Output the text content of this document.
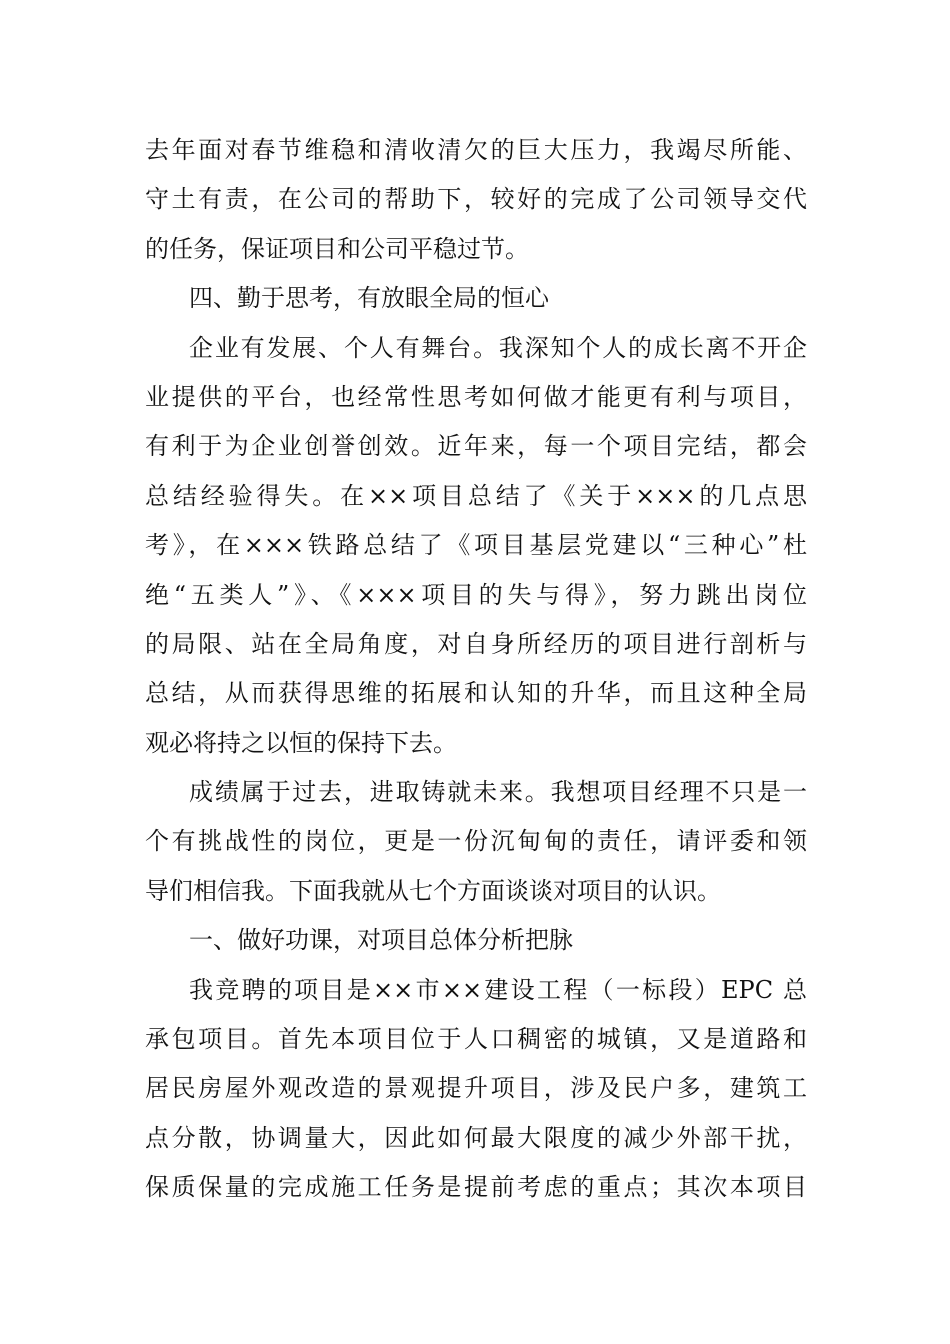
去年面对春节维稳和清收清欠的巨大压力，我竭尽所能、
守土有责，在公司的帮助下，较好的完成了公司领导交代
的任务，保证项目和公司平稳过节。
四、勤于思考，有放眼全局的恒心
企业有发展、个人有舞台。我深知个人的成长离不开企
业提供的平台，也经常性思考如何做才能更有利与项目，
有利于为企业创誉创效。近年来，每一个项目完结，都会
总结经验得失。在××项目总结了《关于×××的几点思
考》，在×××铁路总结了《项目基层党建以“三种心”杜
绝“五类人”》、《×××项目的失与得》，努力跳出岗位
的局限、站在全局角度，对自身所经历的项目进行剖析与
总结，从而获得思维的拓展和认知的升华，而且这种全局
观必将持之以恒的保持下去。
成绩属于过去，进取铸就未来。我想项目经理不只是一
个有挑战性的岗位，更是一份沉甸甸的责任，请评委和领
导们相信我。下面我就从七个方面谈谈对项目的认识。
一、做好功课，对项目总体分析把脉
我竞聘的项目是××市××建设工程（一标段）EPC 总
承包项目。首先本项目位于人口稠密的城镇，又是道路和
居民房屋外观改造的景观提升项目，涉及民户多，建筑工
点分散，协调量大，因此如何最大限度的减少外部干扰，
保质保量的完成施工任务是提前考虑的重点；其次本项目
